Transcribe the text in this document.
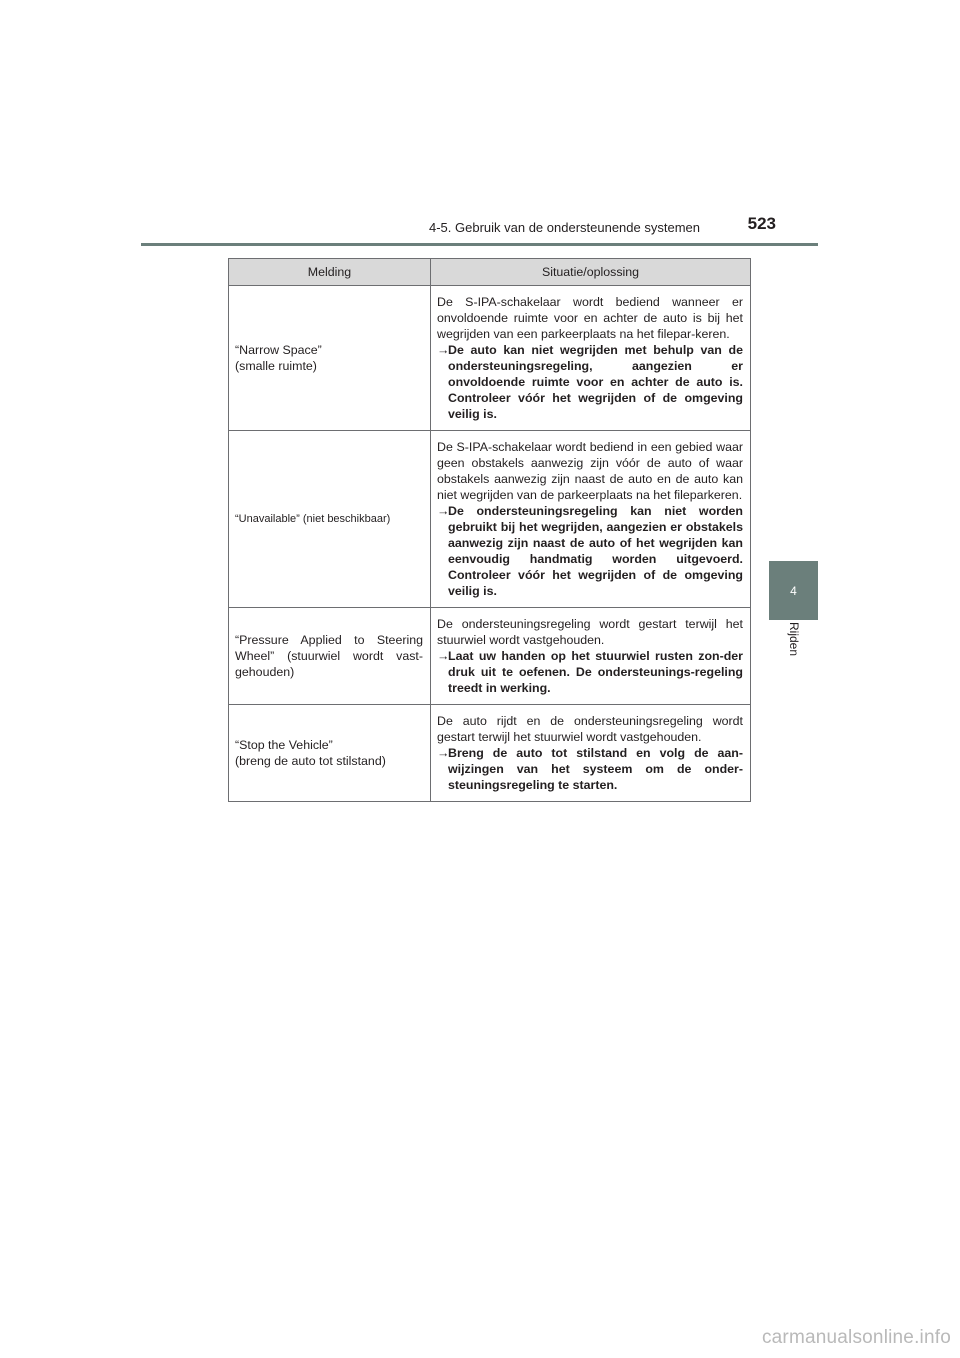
4-5. Gebruik van de ondersteunende systemen	523
4
Rijden
Melding	Situatie/oplossing

“Narrow Space”
(smalle ruimte)	De S-IPA-schakelaar wordt bediend wanneer er onvoldoende ruimte voor en achter de auto is bij het wegrijden van een parkeerplaats na het filepar-keren.
→
De auto kan niet wegrijden met behulp van de ondersteuningsregeling, aangezien er onvoldoende ruimte voor en achter de auto is. Controleer vóór het wegrijden of de omgeving veilig is.

“Unavailable” (niet beschikbaar)	De S-IPA-schakelaar wordt bediend in een gebied waar geen obstakels aanwezig zijn vóór de auto of waar obstakels aanwezig zijn naast de auto en de auto kan niet wegrijden van de parkeerplaats na het fileparkeren.
→
De ondersteuningsregeling kan niet worden gebruikt bij het wegrijden, aangezien er obstakels aanwezig zijn naast de auto of het wegrijden kan eenvoudig handmatig worden uitgevoerd. Controleer vóór het wegrijden of de omgeving veilig is.

“Pressure Applied to Steering Wheel” (stuurwiel wordt vast-gehouden)	De ondersteuningsregeling wordt gestart terwijl het stuurwiel wordt vastgehouden.
→
Laat uw handen op het stuurwiel rusten zon-der druk uit te oefenen. De ondersteunings-regeling treedt in werking.

“Stop the Vehicle”
(breng de auto tot stilstand)	De auto rijdt en de ondersteuningsregeling wordt gestart terwijl het stuurwiel wordt vastgehouden.
→
Breng de auto tot stilstand en volg de aan-wijzingen van het systeem om de onder-steuningsregeling te starten.
carmanualsonline.info
